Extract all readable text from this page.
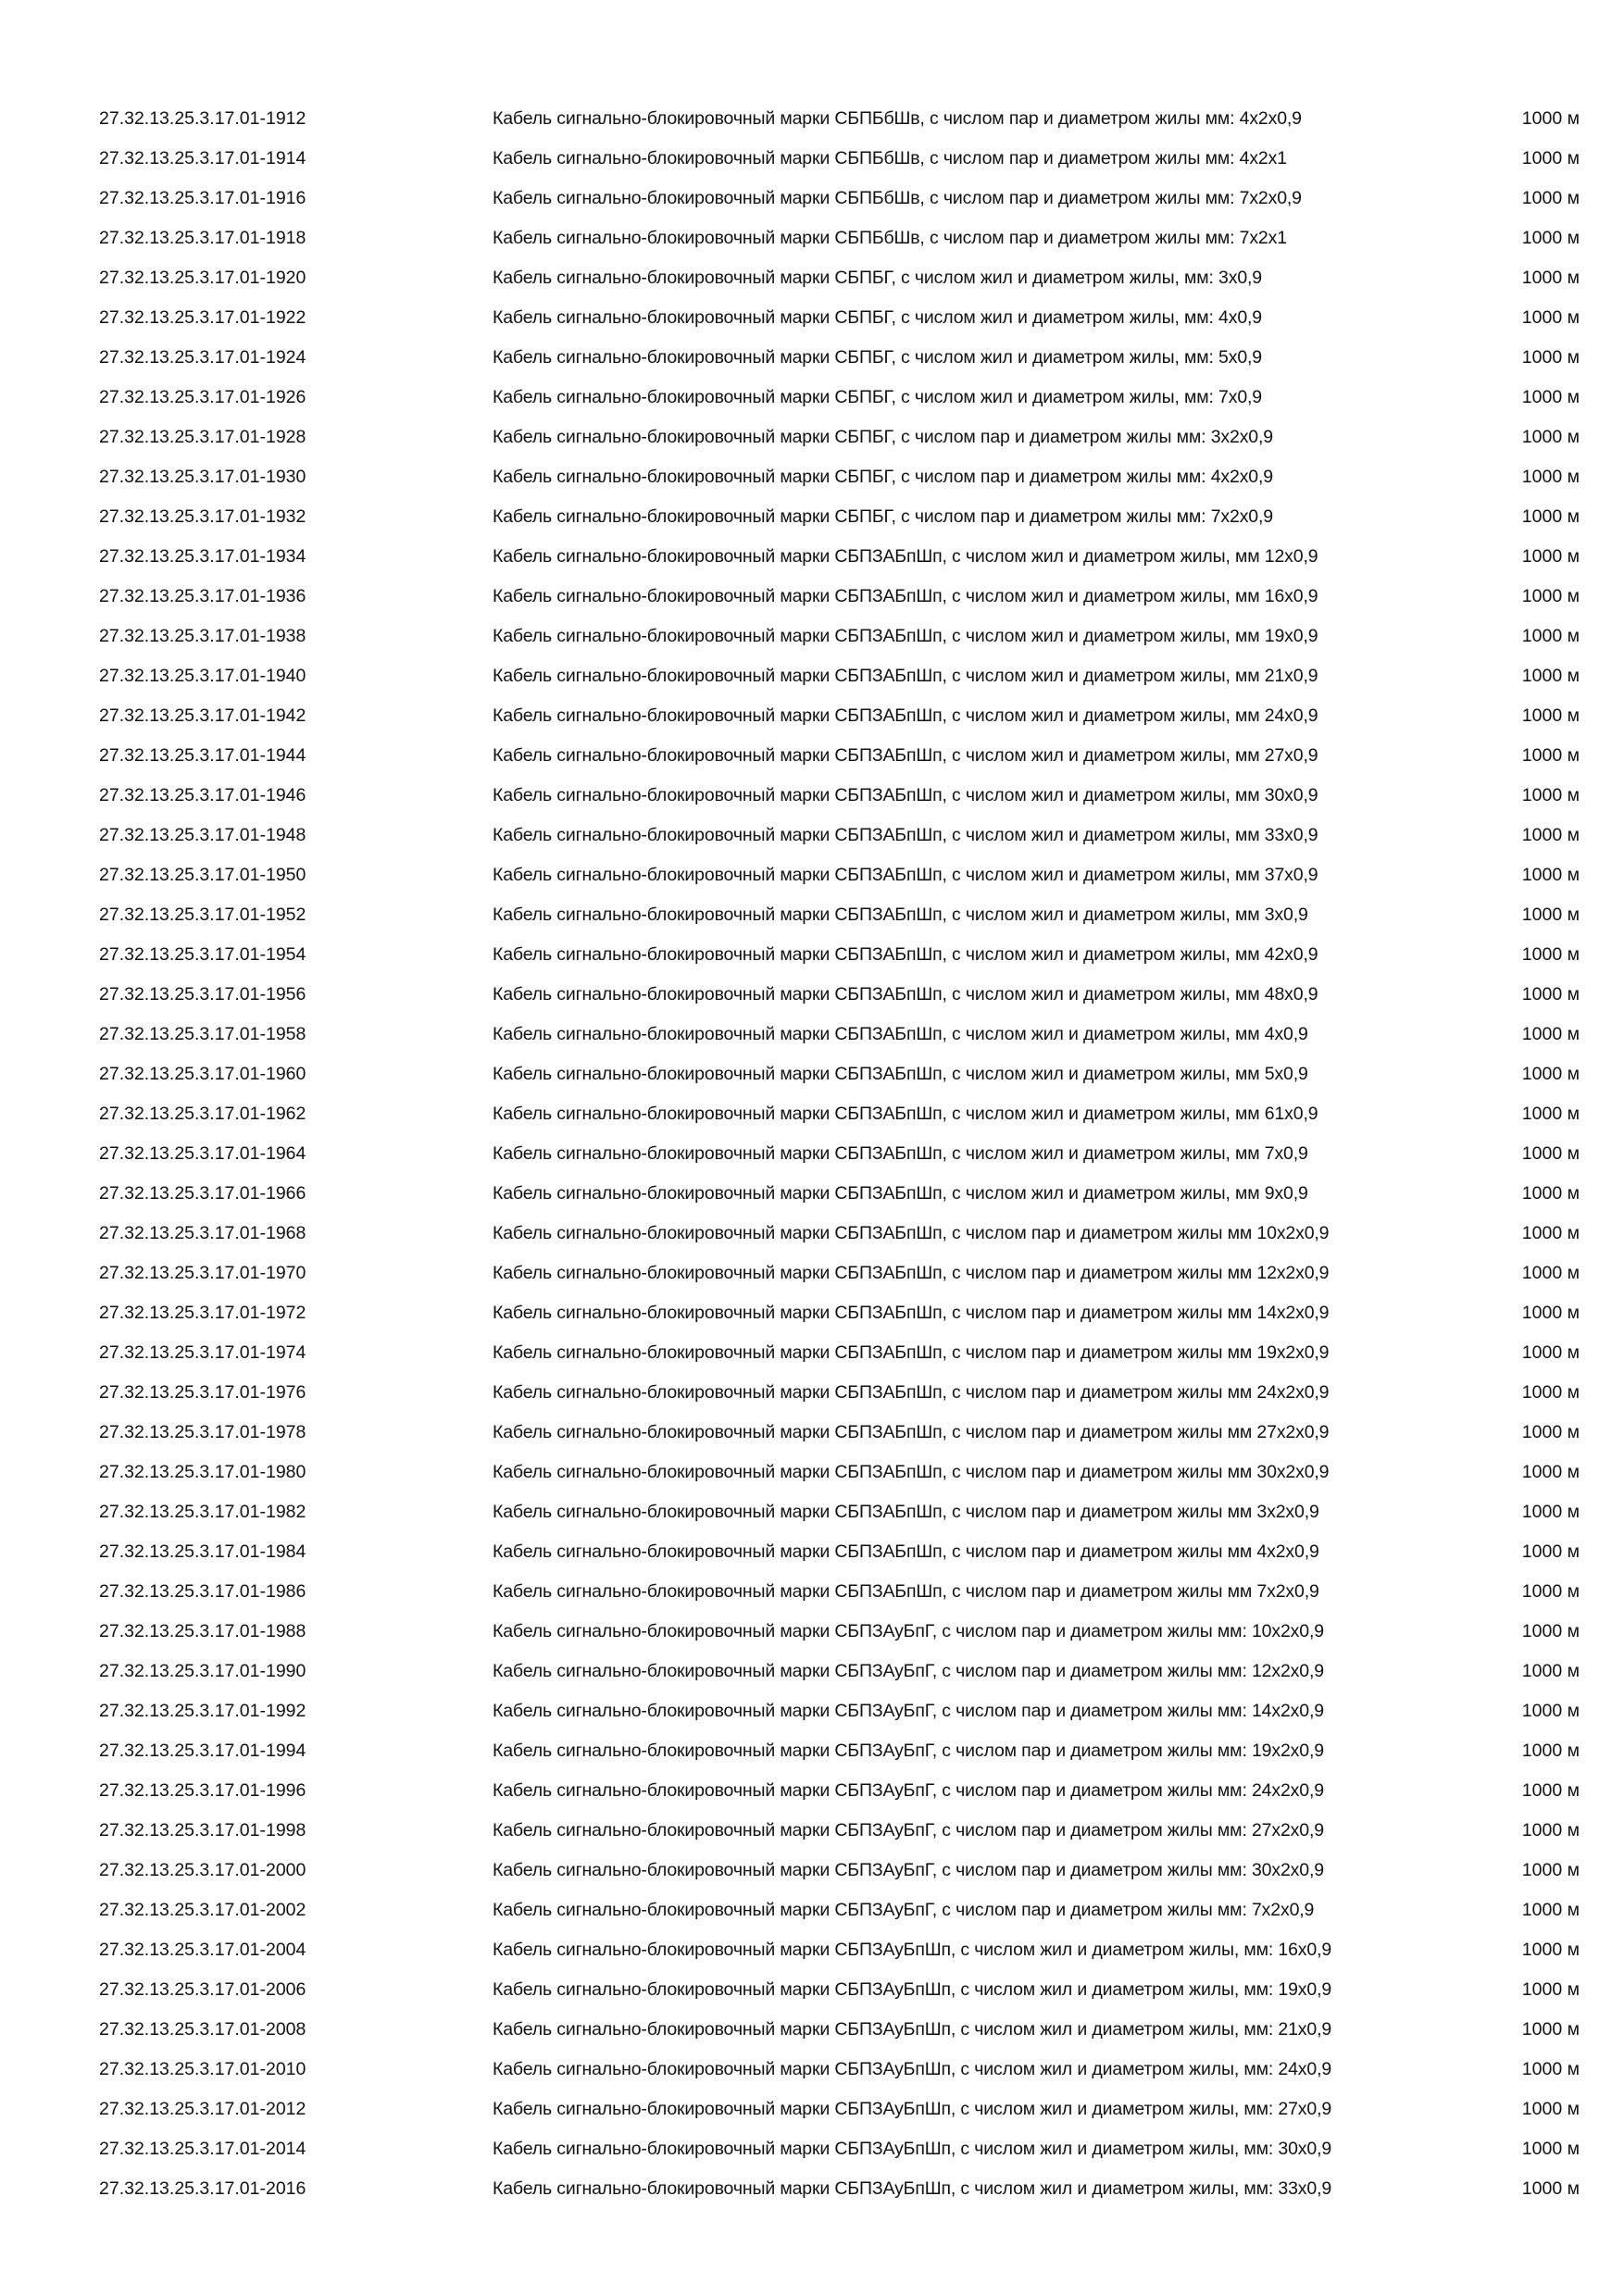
27.32.13.25.3.17.01-1912	Кабель сигнально-блокировочный марки СБПБбШв, с числом пар и диаметром жилы мм: 4х2х0,9	1000 м
27.32.13.25.3.17.01-1914	Кабель сигнально-блокировочный марки СБПБбШв, с числом пар и диаметром жилы мм: 4х2х1	1000 м
27.32.13.25.3.17.01-1916	Кабель сигнально-блокировочный марки СБПБбШв, с числом пар и диаметром жилы мм: 7х2х0,9	1000 м
27.32.13.25.3.17.01-1918	Кабель сигнально-блокировочный марки СБПБбШв, с числом пар и диаметром жилы мм: 7х2х1	1000 м
27.32.13.25.3.17.01-1920	Кабель сигнально-блокировочный марки СБПБГ, с числом жил и диаметром жилы, мм: 3х0,9	1000 м
27.32.13.25.3.17.01-1922	Кабель сигнально-блокировочный марки СБПБГ, с числом жил и диаметром жилы, мм: 4х0,9	1000 м
27.32.13.25.3.17.01-1924	Кабель сигнально-блокировочный марки СБПБГ, с числом жил и диаметром жилы, мм: 5х0,9	1000 м
27.32.13.25.3.17.01-1926	Кабель сигнально-блокировочный марки СБПБГ, с числом жил и диаметром жилы, мм: 7х0,9	1000 м
27.32.13.25.3.17.01-1928	Кабель сигнально-блокировочный марки СБПБГ, с числом пар и диаметром жилы мм: 3х2х0,9	1000 м
27.32.13.25.3.17.01-1930	Кабель сигнально-блокировочный марки СБПБГ, с числом пар и диаметром жилы мм: 4х2х0,9	1000 м
27.32.13.25.3.17.01-1932	Кабель сигнально-блокировочный марки СБПБГ, с числом пар и диаметром жилы мм: 7х2х0,9	1000 м
27.32.13.25.3.17.01-1934	Кабель сигнально-блокировочный марки СБПЗАБпШп, с числом жил и диаметром жилы, мм 12х0,9	1000 м
27.32.13.25.3.17.01-1936	Кабель сигнально-блокировочный марки СБПЗАБпШп, с числом жил и диаметром жилы, мм 16х0,9	1000 м
27.32.13.25.3.17.01-1938	Кабель сигнально-блокировочный марки СБПЗАБпШп, с числом жил и диаметром жилы, мм 19х0,9	1000 м
27.32.13.25.3.17.01-1940	Кабель сигнально-блокировочный марки СБПЗАБпШп, с числом жил и диаметром жилы, мм 21х0,9	1000 м
27.32.13.25.3.17.01-1942	Кабель сигнально-блокировочный марки СБПЗАБпШп, с числом жил и диаметром жилы, мм 24х0,9	1000 м
27.32.13.25.3.17.01-1944	Кабель сигнально-блокировочный марки СБПЗАБпШп, с числом жил и диаметром жилы, мм 27х0,9	1000 м
27.32.13.25.3.17.01-1946	Кабель сигнально-блокировочный марки СБПЗАБпШп, с числом жил и диаметром жилы, мм 30х0,9	1000 м
27.32.13.25.3.17.01-1948	Кабель сигнально-блокировочный марки СБПЗАБпШп, с числом жил и диаметром жилы, мм 33х0,9	1000 м
27.32.13.25.3.17.01-1950	Кабель сигнально-блокировочный марки СБПЗАБпШп, с числом жил и диаметром жилы, мм 37х0,9	1000 м
27.32.13.25.3.17.01-1952	Кабель сигнально-блокировочный марки СБПЗАБпШп, с числом жил и диаметром жилы, мм 3х0,9	1000 м
27.32.13.25.3.17.01-1954	Кабель сигнально-блокировочный марки СБПЗАБпШп, с числом жил и диаметром жилы, мм 42х0,9	1000 м
27.32.13.25.3.17.01-1956	Кабель сигнально-блокировочный марки СБПЗАБпШп, с числом жил и диаметром жилы, мм 48х0,9	1000 м
27.32.13.25.3.17.01-1958	Кабель сигнально-блокировочный марки СБПЗАБпШп, с числом жил и диаметром жилы, мм 4х0,9	1000 м
27.32.13.25.3.17.01-1960	Кабель сигнально-блокировочный марки СБПЗАБпШп, с числом жил и диаметром жилы, мм 5х0,9	1000 м
27.32.13.25.3.17.01-1962	Кабель сигнально-блокировочный марки СБПЗАБпШп, с числом жил и диаметром жилы, мм 61х0,9	1000 м
27.32.13.25.3.17.01-1964	Кабель сигнально-блокировочный марки СБПЗАБпШп, с числом жил и диаметром жилы, мм 7х0,9	1000 м
27.32.13.25.3.17.01-1966	Кабель сигнально-блокировочный марки СБПЗАБпШп, с числом жил и диаметром жилы, мм 9х0,9	1000 м
27.32.13.25.3.17.01-1968	Кабель сигнально-блокировочный марки СБПЗАБпШп, с числом пар и диаметром жилы мм 10х2х0,9	1000 м
27.32.13.25.3.17.01-1970	Кабель сигнально-блокировочный марки СБПЗАБпШп, с числом пар и диаметром жилы мм 12х2х0,9	1000 м
27.32.13.25.3.17.01-1972	Кабель сигнально-блокировочный марки СБПЗАБпШп, с числом пар и диаметром жилы мм 14х2х0,9	1000 м
27.32.13.25.3.17.01-1974	Кабель сигнально-блокировочный марки СБПЗАБпШп, с числом пар и диаметром жилы мм 19х2х0,9	1000 м
27.32.13.25.3.17.01-1976	Кабель сигнально-блокировочный марки СБПЗАБпШп, с числом пар и диаметром жилы мм 24х2х0,9	1000 м
27.32.13.25.3.17.01-1978	Кабель сигнально-блокировочный марки СБПЗАБпШп, с числом пар и диаметром жилы мм 27х2х0,9	1000 м
27.32.13.25.3.17.01-1980	Кабель сигнально-блокировочный марки СБПЗАБпШп, с числом пар и диаметром жилы мм 30х2х0,9	1000 м
27.32.13.25.3.17.01-1982	Кабель сигнально-блокировочный марки СБПЗАБпШп, с числом пар и диаметром жилы мм 3х2х0,9	1000 м
27.32.13.25.3.17.01-1984	Кабель сигнально-блокировочный марки СБПЗАБпШп, с числом пар и диаметром жилы мм 4х2х0,9	1000 м
27.32.13.25.3.17.01-1986	Кабель сигнально-блокировочный марки СБПЗАБпШп, с числом пар и диаметром жилы мм 7х2х0,9	1000 м
27.32.13.25.3.17.01-1988	Кабель сигнально-блокировочный марки СБПЗАуБпГ, с числом пар и диаметром жилы мм: 10х2х0,9	1000 м
27.32.13.25.3.17.01-1990	Кабель сигнально-блокировочный марки СБПЗАуБпГ, с числом пар и диаметром жилы мм: 12х2х0,9	1000 м
27.32.13.25.3.17.01-1992	Кабель сигнально-блокировочный марки СБПЗАуБпГ, с числом пар и диаметром жилы мм: 14х2х0,9	1000 м
27.32.13.25.3.17.01-1994	Кабель сигнально-блокировочный марки СБПЗАуБпГ, с числом пар и диаметром жилы мм: 19х2х0,9	1000 м
27.32.13.25.3.17.01-1996	Кабель сигнально-блокировочный марки СБПЗАуБпГ, с числом пар и диаметром жилы мм: 24х2х0,9	1000 м
27.32.13.25.3.17.01-1998	Кабель сигнально-блокировочный марки СБПЗАуБпГ, с числом пар и диаметром жилы мм: 27х2х0,9	1000 м
27.32.13.25.3.17.01-2000	Кабель сигнально-блокировочный марки СБПЗАуБпГ, с числом пар и диаметром жилы мм: 30х2х0,9	1000 м
27.32.13.25.3.17.01-2002	Кабель сигнально-блокировочный марки СБПЗАуБпГ, с числом пар и диаметром жилы мм: 7х2х0,9	1000 м
27.32.13.25.3.17.01-2004	Кабель сигнально-блокировочный марки СБПЗАуБпШп, с числом жил и диаметром жилы, мм: 16х0,9	1000 м
27.32.13.25.3.17.01-2006	Кабель сигнально-блокировочный марки СБПЗАуБпШп, с числом жил и диаметром жилы, мм: 19х0,9	1000 м
27.32.13.25.3.17.01-2008	Кабель сигнально-блокировочный марки СБПЗАуБпШп, с числом жил и диаметром жилы, мм: 21х0,9	1000 м
27.32.13.25.3.17.01-2010	Кабель сигнально-блокировочный марки СБПЗАуБпШп, с числом жил и диаметром жилы, мм: 24х0,9	1000 м
27.32.13.25.3.17.01-2012	Кабель сигнально-блокировочный марки СБПЗАуБпШп, с числом жил и диаметром жилы, мм: 27х0,9	1000 м
27.32.13.25.3.17.01-2014	Кабель сигнально-блокировочный марки СБПЗАуБпШп, с числом жил и диаметром жилы, мм: 30х0,9	1000 м
27.32.13.25.3.17.01-2016	Кабель сигнально-блокировочный марки СБПЗАуБпШп, с числом жил и диаметром жилы, мм: 33х0,9	1000 м
